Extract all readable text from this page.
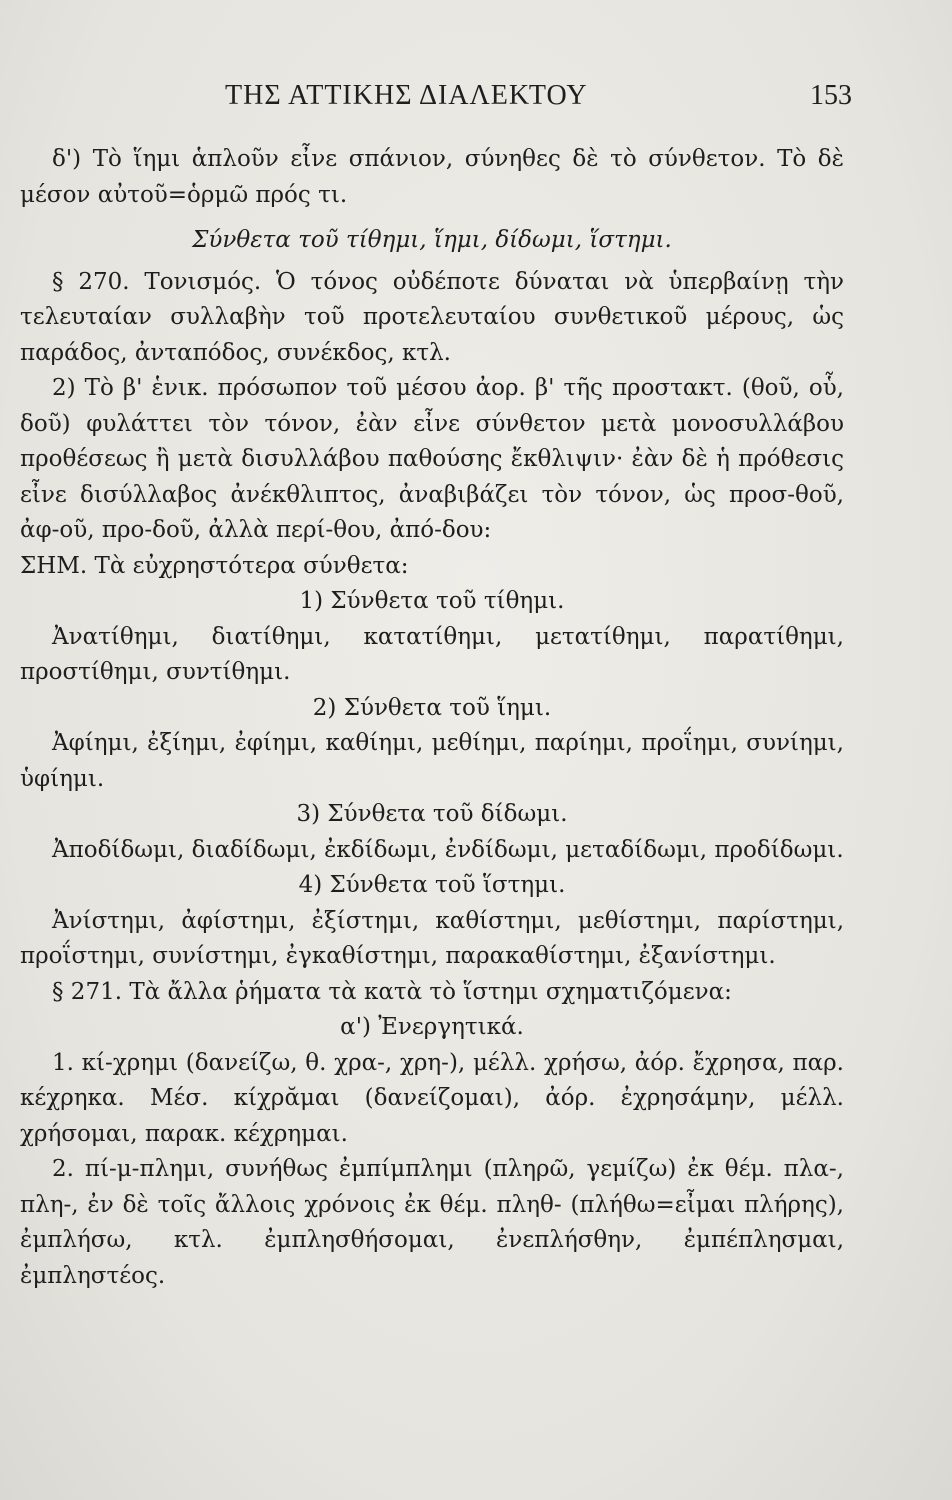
ΤΗΣ ΑΤΤΙΚΗΣ ΔΙΑΛΕΚΤΟΥ	153

δ') Τὸ ἵημι ἁπλοῦν εἶνε σπάνιον, σύνηθες δὲ τὸ σύνθετον. Τὸ δὲ μέσον αὐτοῦ=ὁρμῶ πρός τι.

Σύνθετα τοῦ τίθημι, ἵημι, δίδωμι, ἵστημι.

§ 270. Τονισμός. Ὁ τόνος οὐδέποτε δύναται νὰ ὑπερβαίνῃ τὴν τελευταίαν συλλαβὴν τοῦ προτελευταίου συνθετικοῦ μέρους, ὡς παράδος, ἀνταπόδος, συνέκδος, κτλ.

2) Τὸ β' ἑνικ. πρόσωπον τοῦ μέσου ἀορ. β' τῆς προστακτ. (θοῦ, οὗ, δοῦ) φυλάττει τὸν τόνον, ἐὰν εἶνε σύνθετον μετὰ μονοσυλλάβου προθέσεως ἢ μετὰ δισυλλάβου παθούσης ἔκθλιψιν· ἐὰν δὲ ἡ πρόθεσις εἶνε δισύλλαβος ἀνέκθλιπτος, ἀναβιβάζει τὸν τόνον, ὡς προσ-θοῦ, ἀφ-οῦ, προ-δοῦ, ἀλλὰ περί-θου, ἀπό-δου:

ΣΗΜ. Τὰ εὐχρηστότερα σύνθετα:

1) Σύνθετα τοῦ τίθημι.

Ἀνατίθημι, διατίθημι, κατατίθημι, μετατίθημι, παρατίθημι, προστίθημι, συντίθημι.

2) Σύνθετα τοῦ ἵημι.

Ἀφίημι, ἐξίημι, ἐφίημι, καθίημι, μεθίημι, παρίημι, προΐημι, συνίημι, ὑφίημι.

3) Σύνθετα τοῦ δίδωμι.

Ἀποδίδωμι, διαδίδωμι, ἐκδίδωμι, ἐνδίδωμι, μεταδίδωμι, προδίδωμι.

4) Σύνθετα τοῦ ἵστημι.

Ἀνίστημι, ἀφίστημι, ἐξίστημι, καθίστημι, μεθίστημι, παρίστημι, προΐστημι, συνίστημι, ἐγκαθίστημι, παρακαθίστημι, ἐξανίστημι.

§ 271. Τὰ ἄλλα ῥήματα τὰ κατὰ τὸ ἵστημι σχηματιζόμενα:

α') Ἐνεργητικά.

1. κί-χρημι (δανείζω, θ. χρα-, χρη-), μέλλ. χρήσω, ἀόρ. ἔχρησα, παρ. κέχρηκα. Μέσ. κίχρᾰμαι (δανείζομαι), ἀόρ. ἐχρησάμην, μέλλ. χρήσομαι, παρακ. κέχρημαι.

2. πί-μ-πλημι, συνήθως ἐμπίμπλημι (πληρῶ, γεμίζω) ἐκ θέμ. πλα-, πλη-, ἐν δὲ τοῖς ἄλλοις χρόνοις ἐκ θέμ. πληθ- (πλήθω=εἶμαι πλήρης), ἐμπλήσω, κτλ. ἐμπλησθήσομαι, ἐνεπλήσθην, ἐμπέπλησμαι, ἐμπληστέος.
